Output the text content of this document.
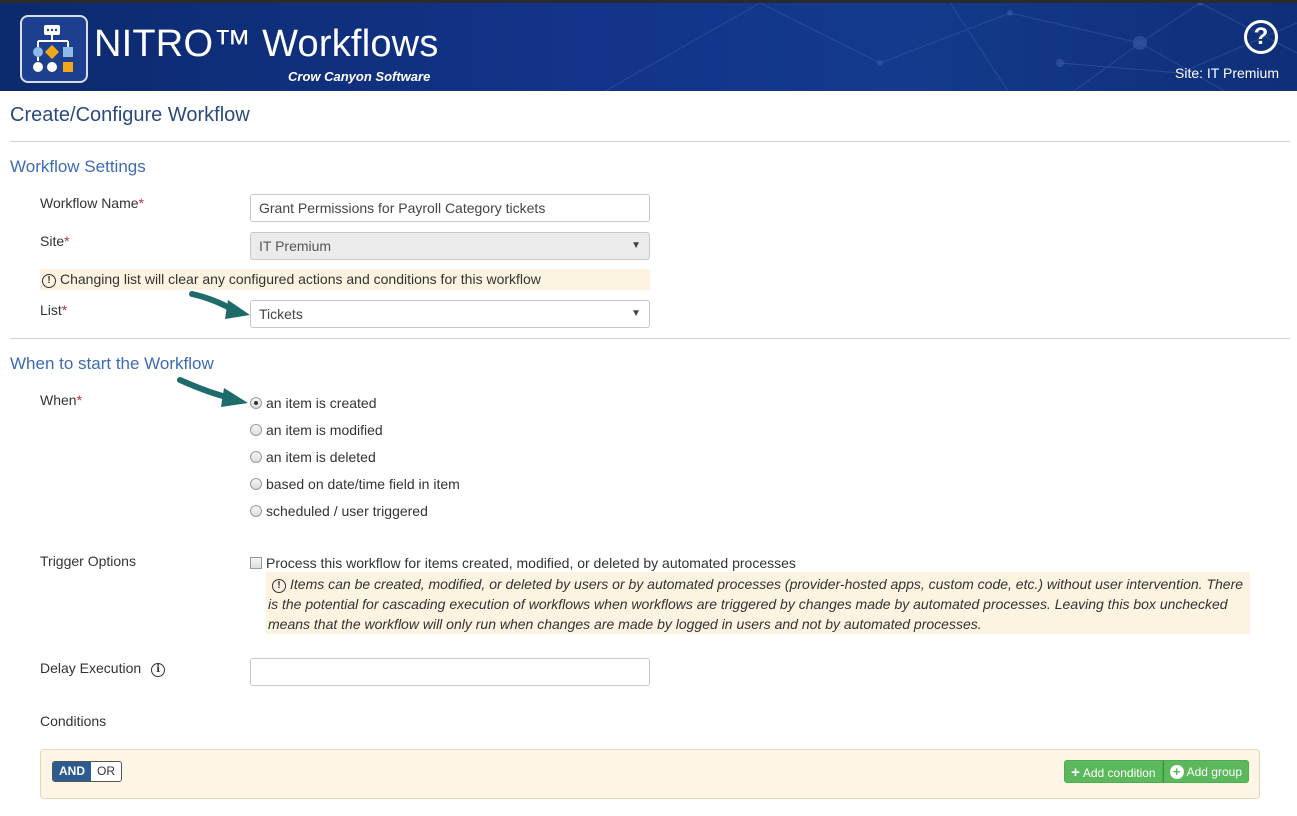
NITRO™ Workflows
Crow Canyon Software
?
Site: IT Premium
Create/Configure Workflow
Workflow Settings
Workflow Name*	Grant Permissions for Payroll Category tickets
Site*	IT Premium	▼
! Changing list will clear any configured actions and conditions for this workflow
List*	Tickets	▼
When to start the Workflow
When*	an item is created
an item is modified
an item is deleted
based on date/time field in item
scheduled / user triggered
Trigger Options	Process this workflow for items created, modified, or deleted by automated processes
! Items can be created, modified, or deleted by users or by automated processes (provider-hosted apps, custom code, etc.) without user intervention. There is the potential for cascading execution of workflows when workflows are triggered by changes made by automated processes. Leaving this box unchecked means that the workflow will only run when changes are made by logged in users and not by automated processes.
Delay Execution i
Conditions
AND	OR	+ Add condition	+ Add group
